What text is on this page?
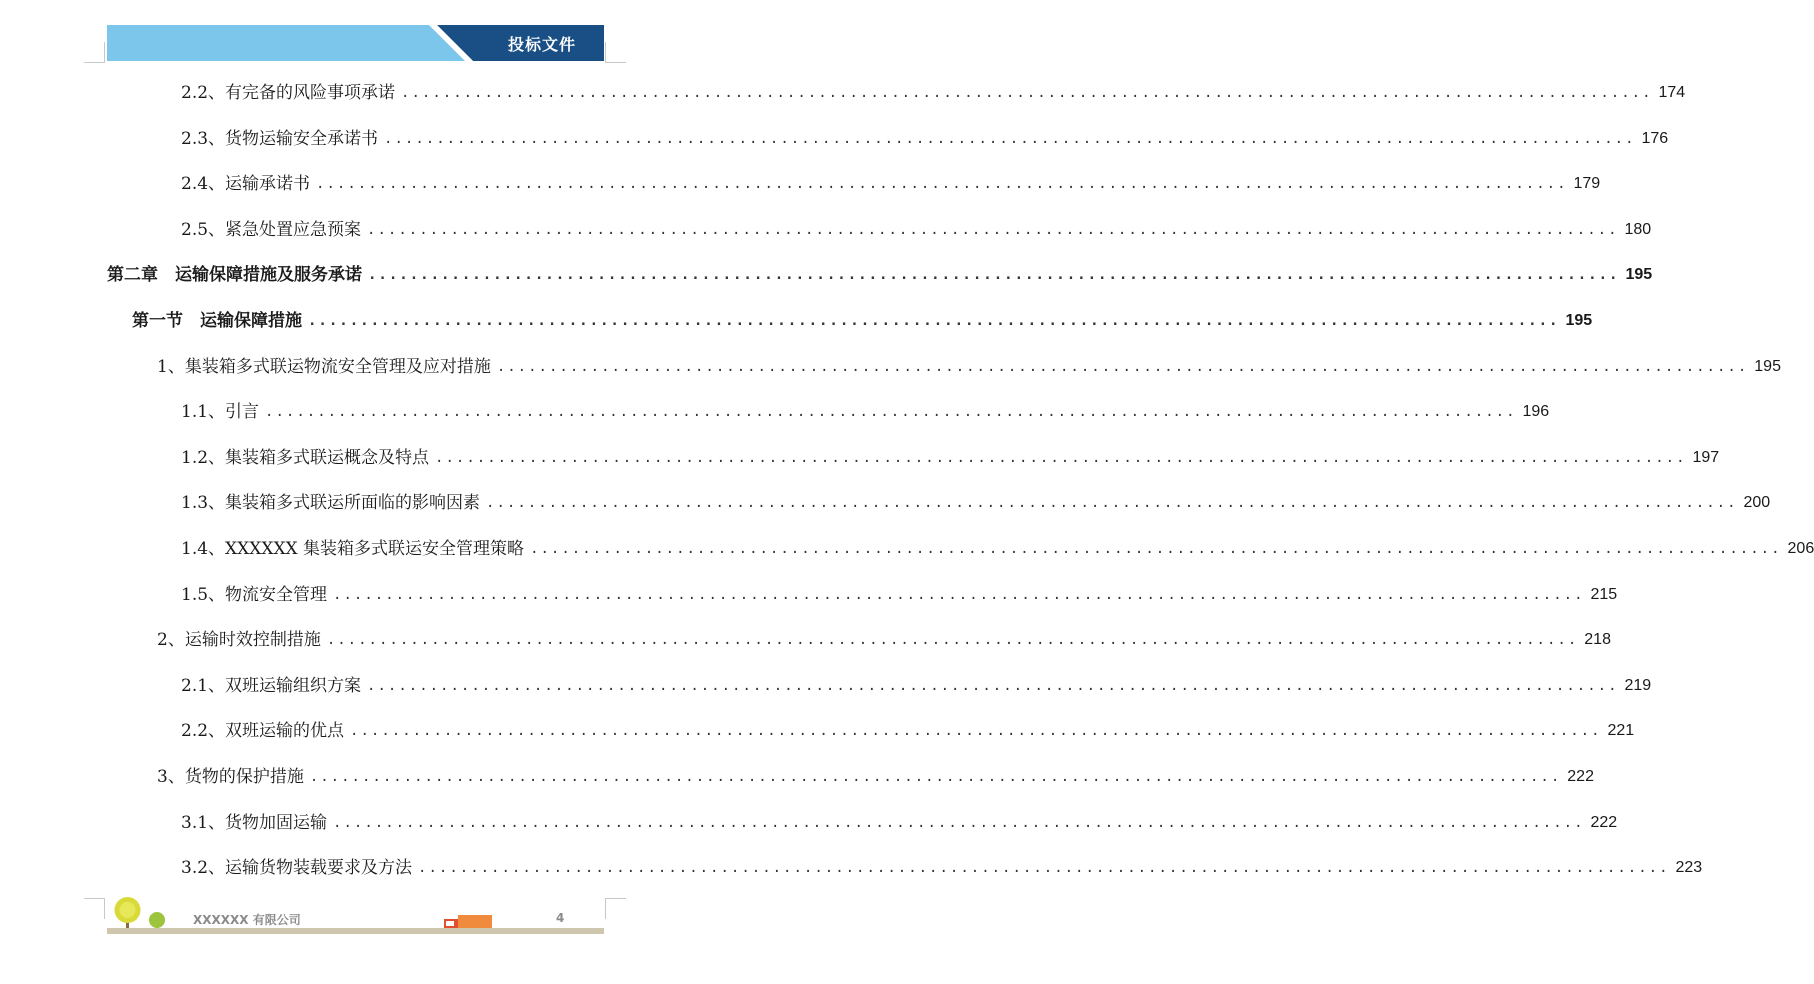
投标文件
2.2、有完备的风险事项承诺 ........................................................................................................................ 174
2.3、货物运输安全承诺书 ........................................................................................................................ 176
2.4、运输承诺书 ........................................................................................................................ 179
2.5、紧急处置应急预案 ........................................................................................................................ 180
第二章　运输保障措施及服务承诺 ........................................................................................................................ 195
第一节　运输保障措施 ........................................................................................................................ 195
1、集装箱多式联运物流安全管理及应对措施 ........................................................................................................................ 195
1.1、引言 ........................................................................................................................ 196
1.2、集装箱多式联运概念及特点 ........................................................................................................................ 197
1.3、集装箱多式联运所面临的影响因素 ........................................................................................................................ 200
1.4、XXXXXX 集装箱多式联运安全管理策略 ........................................................................................................................ 206
1.5、物流安全管理 ........................................................................................................................ 215
2、运输时效控制措施 ........................................................................................................................ 218
2.1、双班运输组织方案 ........................................................................................................................ 219
2.2、双班运输的优点 ........................................................................................................................ 221
3、货物的保护措施 ........................................................................................................................ 222
3.1、货物加固运输 ........................................................................................................................ 222
3.2、运输货物装载要求及方法 ........................................................................................................................ 223
XXXXXX 有限公司	4
